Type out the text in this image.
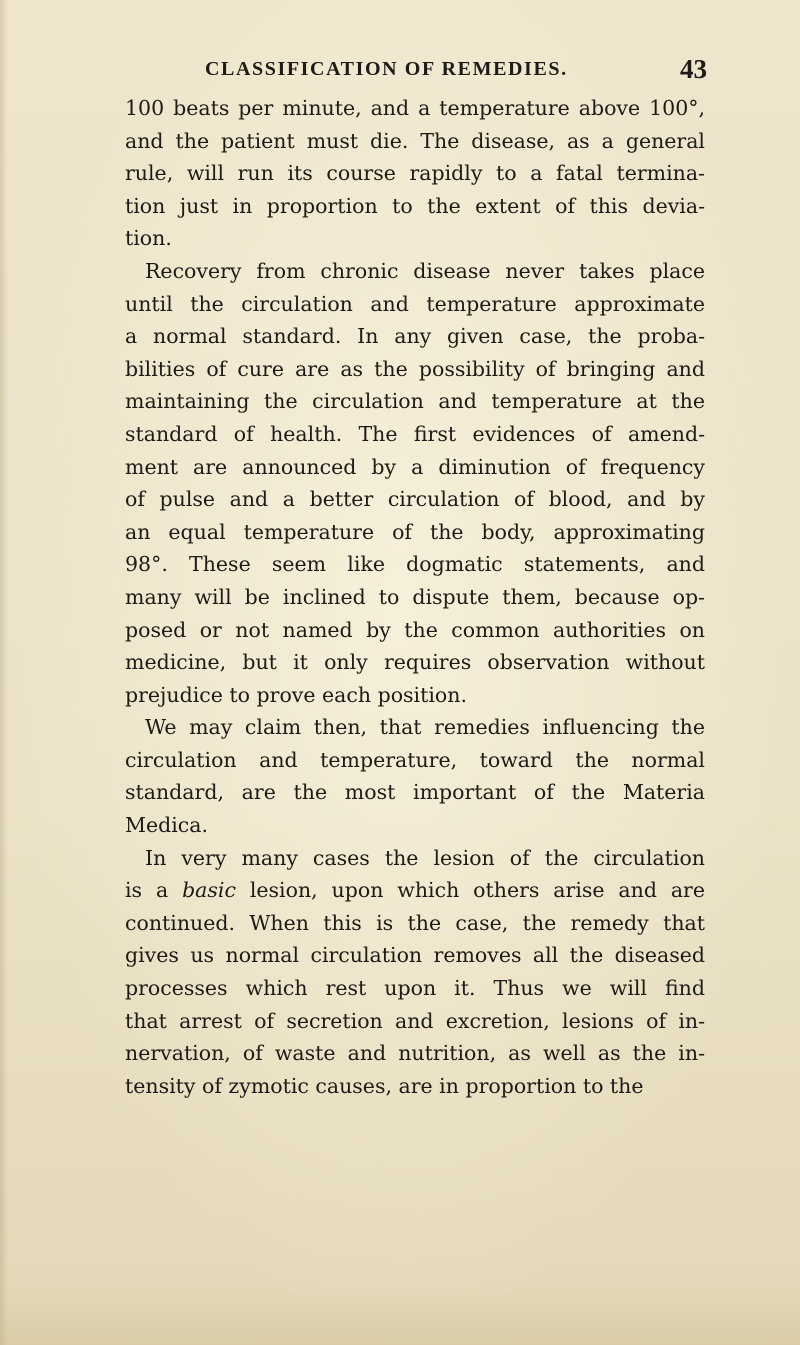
CLASSIFICATION OF REMEDIES.	43
100 beats per minute, and a temperature above 100°,
and the patient must die. The disease, as a general
rule, will run its course rapidly to a fatal termina-
tion just in proportion to the extent of this devia-
tion.
Recovery from chronic disease never takes place
until the circulation and temperature approximate
a normal standard. In any given case, the proba-
bilities of cure are as the possibility of bringing and
maintaining the circulation and temperature at the
standard of health. The first evidences of amend-
ment are announced by a diminution of frequency
of pulse and a better circulation of blood, and by
an equal temperature of the body, approximating
98°. These seem like dogmatic statements, and
many will be inclined to dispute them, because op-
posed or not named by the common authorities on
medicine, but it only requires observation without
prejudice to prove each position.
We may claim then, that remedies influencing the
circulation and temperature, toward the normal
standard, are the most important of the Materia
Medica.
In very many cases the lesion of the circulation
is a basic lesion, upon which others arise and are
continued. When this is the case, the remedy that
gives us normal circulation removes all the diseased
processes which rest upon it. Thus we will find
that arrest of secretion and excretion, lesions of in-
nervation, of waste and nutrition, as well as the in-
tensity of zymotic causes, are in proportion to the
